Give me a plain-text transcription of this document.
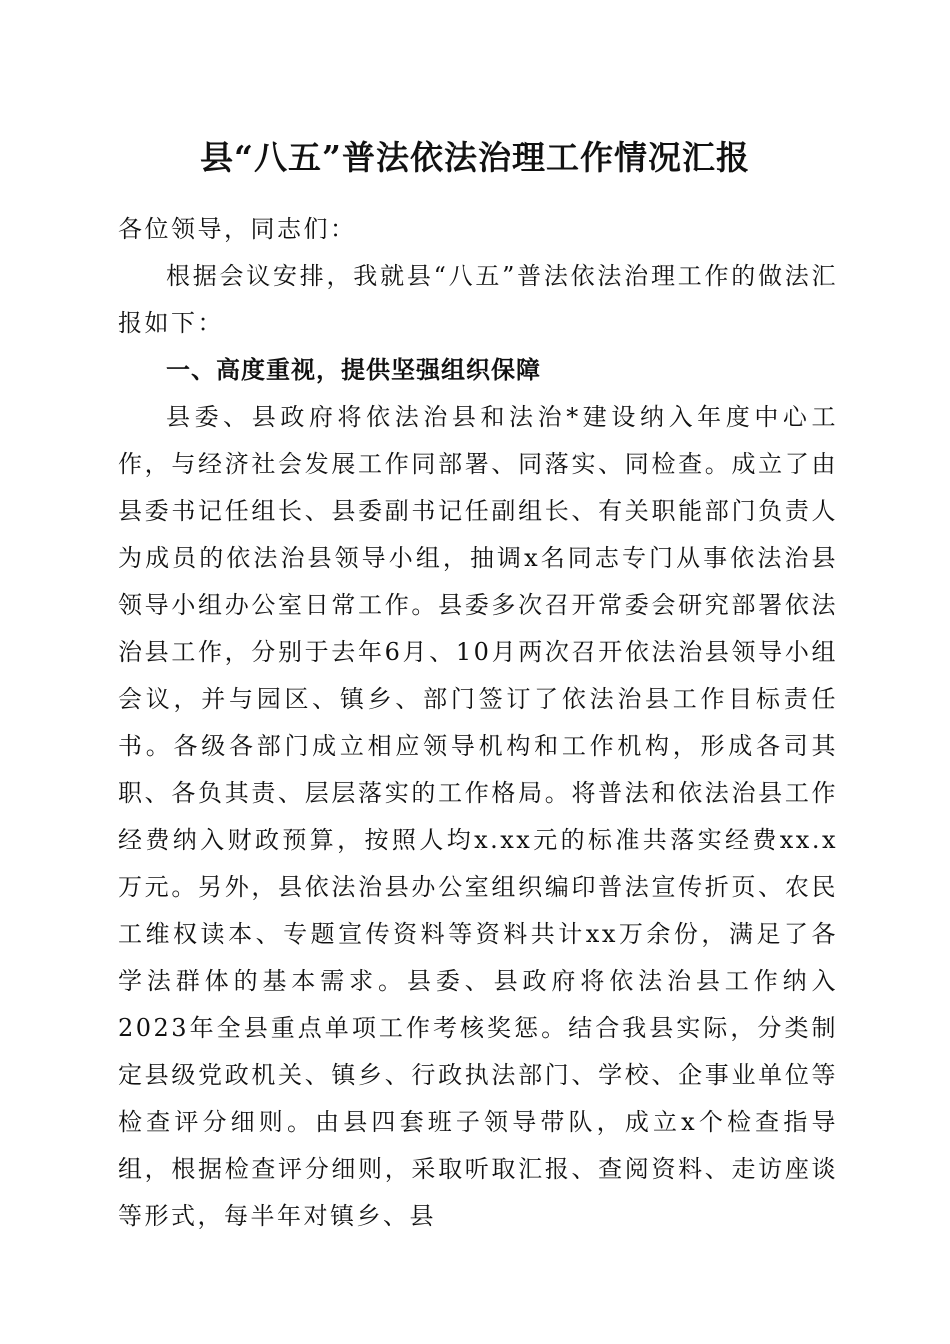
县“八五”普法依法治理工作情况汇报

各位领导，同志们：

根据会议安排，我就县“八五”普法依法治理工作的做法汇报如下：

一、高度重视，提供坚强组织保障

县委、县政府将依法治县和法治*建设纳入年度中心工作，与经济社会发展工作同部署、同落实、同检查。成立了由县委书记任组长、县委副书记任副组长、有关职能部门负责人为成员的依法治县领导小组，抽调x名同志专门从事依法治县领导小组办公室日常工作。县委多次召开常委会研究部署依法治县工作，分别于去年6月、10月两次召开依法治县领导小组会议，并与园区、镇乡、部门签订了依法治县工作目标责任书。各级各部门成立相应领导机构和工作机构，形成各司其职、各负其责、层层落实的工作格局。将普法和依法治县工作经费纳入财政预算，按照人均x.xx元的标准共落实经费xx.x万元。另外，县依法治县办公室组织编印普法宣传折页、农民工维权读本、专题宣传资料等资料共计xx万余份，满足了各学法群体的基本需求。县委、县政府将依法治县工作纳入2023年全县重点单项工作考核奖惩。结合我县实际，分类制定县级党政机关、镇乡、行政执法部门、学校、企事业单位等检查评分细则。由县四套班子领导带队，成立x个检查指导组，根据检查评分细则，采取听取汇报、查阅资料、走访座谈等形式，每半年对镇乡、县
